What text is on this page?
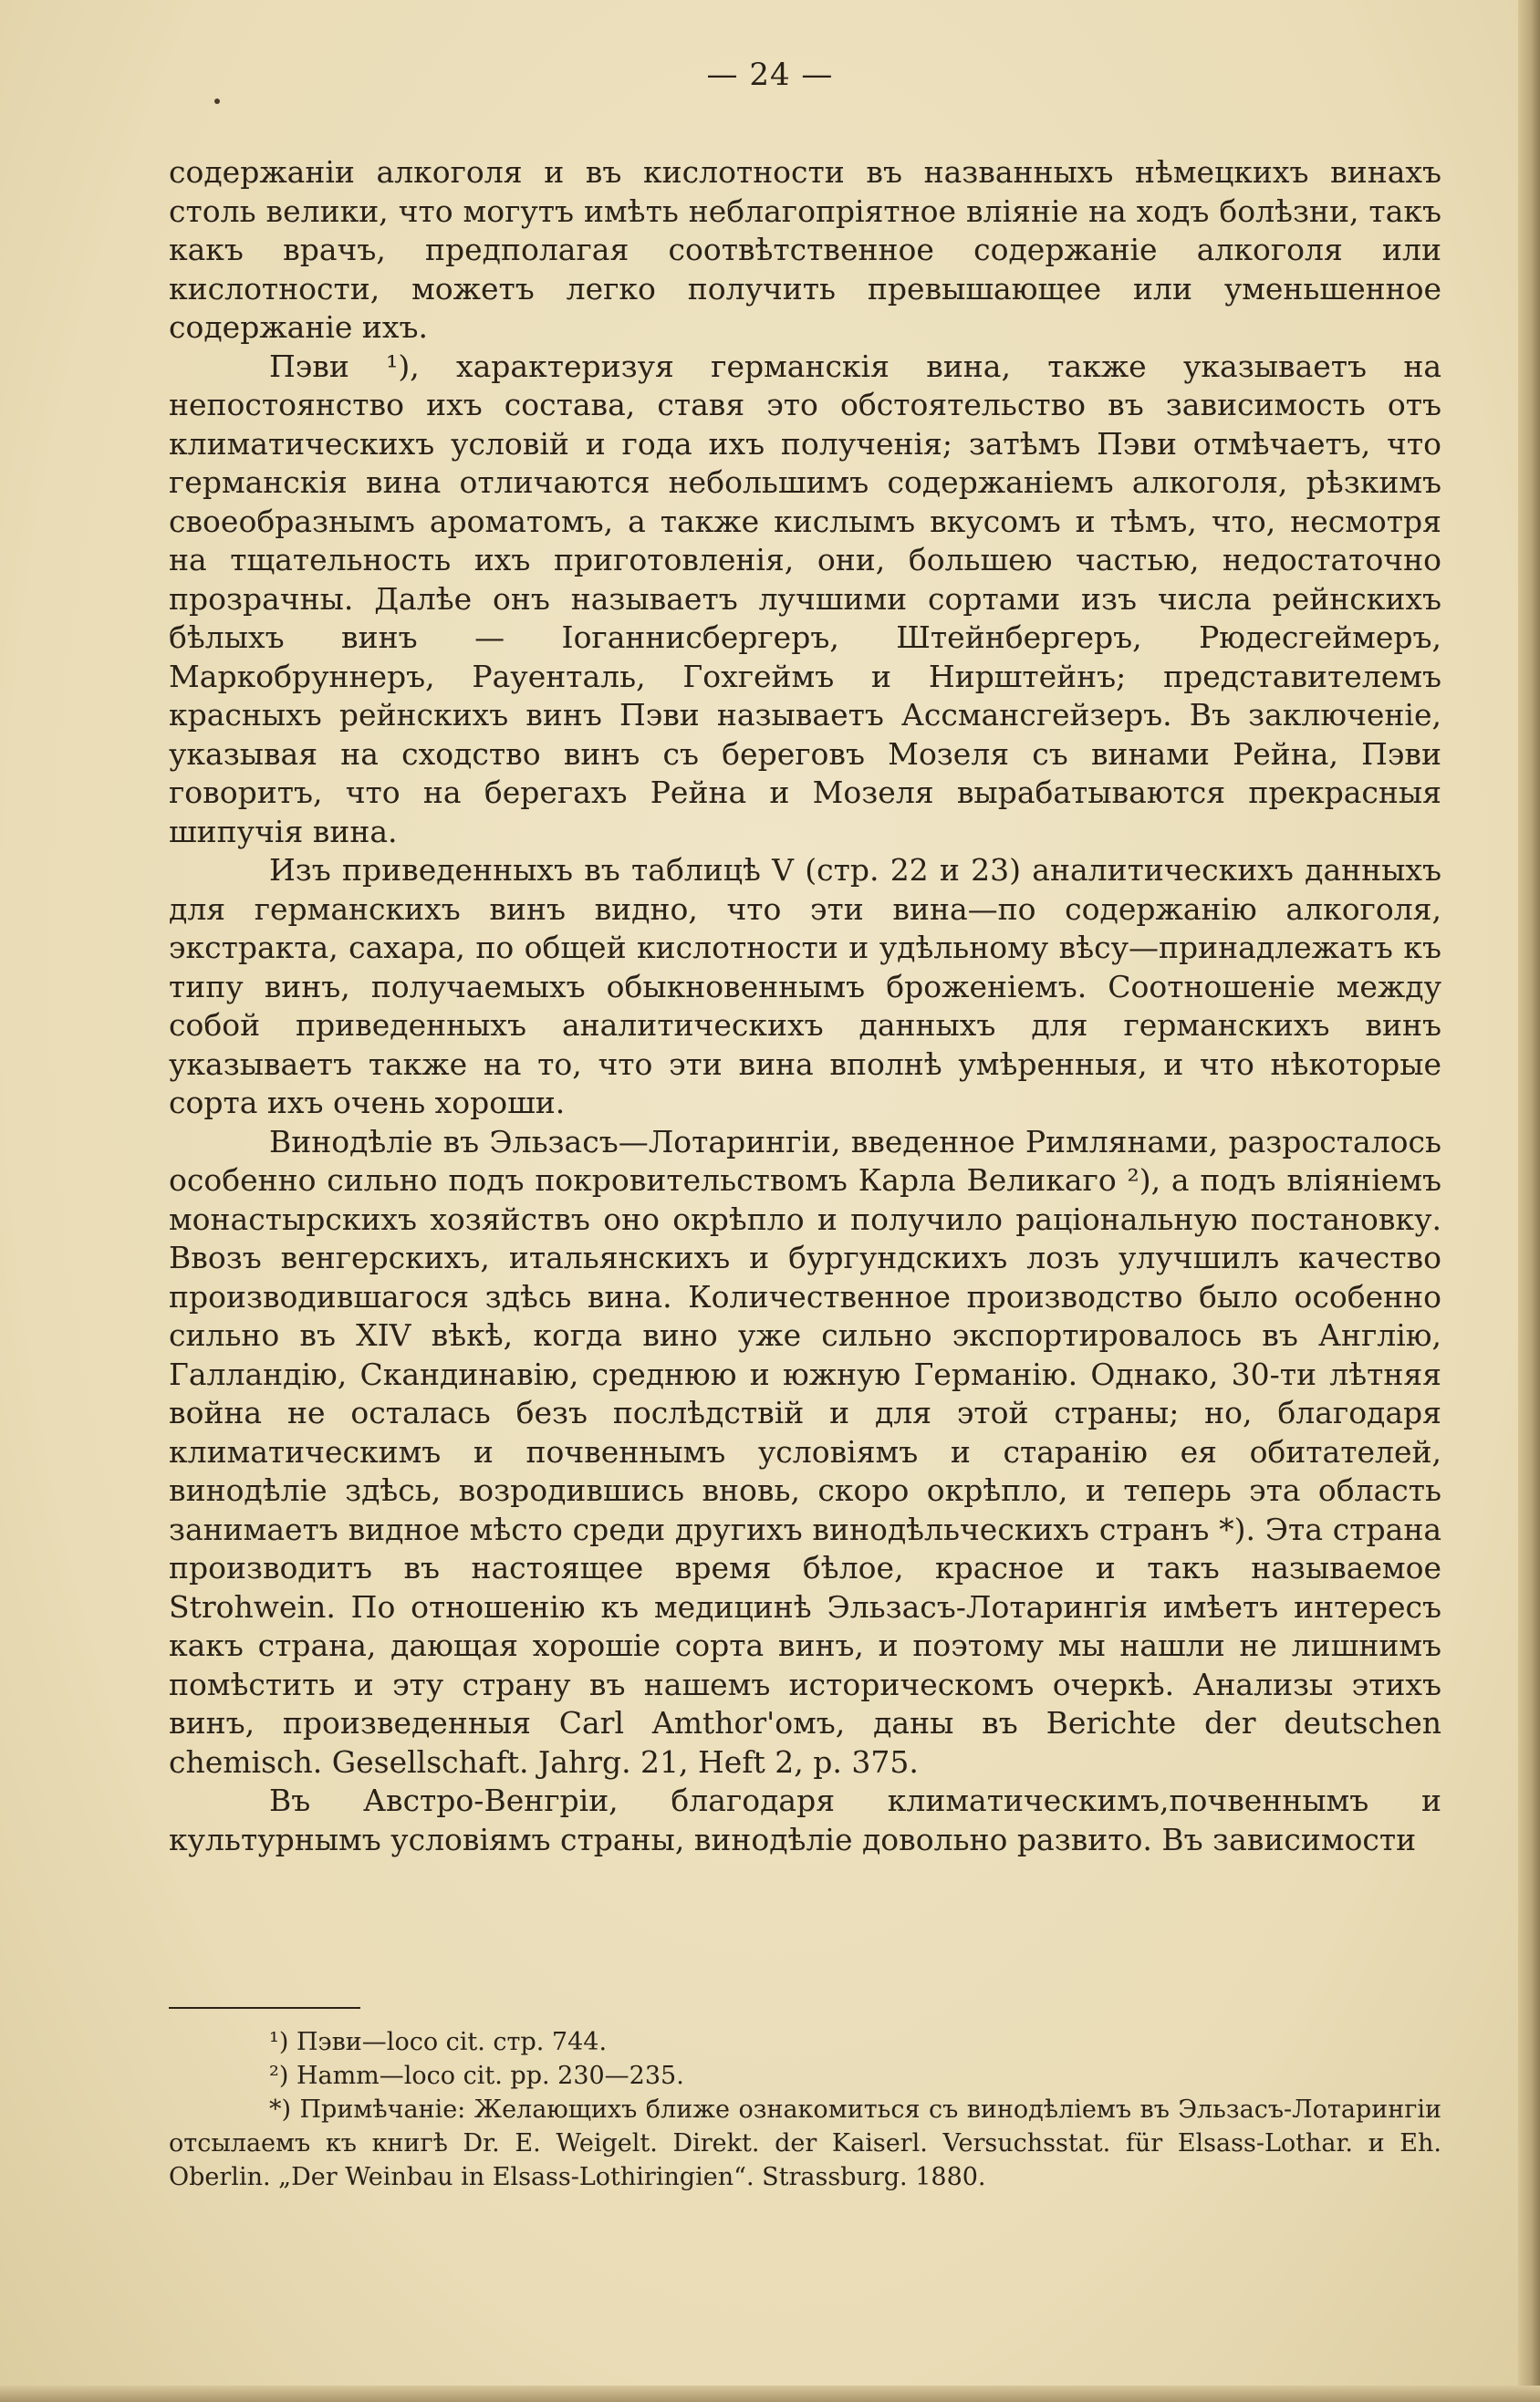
— 24 —

содержанiи алкоголя и въ кислотности въ названныхъ нѣмецкихъ винахъ столь велики, что могутъ имѣть неблагопрiятное влiянiе на ходъ болѣзни, такъ какъ врачъ, предполагая соотвѣтственное содержанiе алкоголя или кислотности, можетъ легко получить превышающее или уменьшенное содержанiе ихъ.

Пэви ¹), характеризуя германскiя вина, также указываетъ на непостоянство ихъ состава, ставя это обстоятельство въ зависимость отъ климатическихъ условiй и года ихъ полученiя; затѣмъ Пэви отмѣчаетъ, что германскiя вина отличаются небольшимъ содержанiемъ алкоголя, рѣзкимъ своеобразнымъ ароматомъ, а также кислымъ вкусомъ и тѣмъ, что, несмотря на тщательность ихъ приготовленiя, они, большею частью, недостаточно прозрачны. Далѣе онъ называетъ лучшими сортами изъ числа рейнскихъ бѣлыхъ винъ — Iоганнисбергеръ, Штейнбергеръ, Рюдесгеймеръ, Маркобруннеръ, Рауенталь, Гохгеймъ и Нирштейнъ; представителемъ красныхъ рейнскихъ винъ Пэви называетъ Ассмансгейзеръ. Въ заключенiе, указывая на сходство винъ съ береговъ Мозеля съ винами Рейна, Пэви говоритъ, что на берегахъ Рейна и Мозеля вырабатываются прекрасныя шипучiя вина.

Изъ приведенныхъ въ таблицѣ V (стр. 22 и 23) аналитическихъ данныхъ для германскихъ винъ видно, что эти вина—по содержанiю алкоголя, экстракта, сахара, по общей кислотности и удѣльному вѣсу—принадлежатъ къ типу винъ, получаемыхъ обыкновеннымъ броженiемъ. Соотношенiе между собой приведенныхъ аналитическихъ данныхъ для германскихъ винъ указываетъ также на то, что эти вина вполнѣ умѣренныя, и что нѣкоторые сорта ихъ очень хороши.

Винодѣлiе въ Эльзасъ—Лотарингiи, введенное Римлянами, разросталось особенно сильно подъ покровительствомъ Карла Великаго ²), а подъ влiянiемъ монастырскихъ хозяйствъ оно окрѣпло и получило рацiональную постановку. Ввозъ венгерскихъ, итальянскихъ и бургундскихъ лозъ улучшилъ качество производившагося здѣсь вина. Количественное производство было особенно сильно въ XIV вѣкѣ, когда вино уже сильно экспортировалось въ Англiю, Галландiю, Скандинавiю, среднюю и южную Германiю. Однако, 30-ти лѣтняя война не осталась безъ послѣдствiй и для этой страны; но, благодаря климатическимъ и почвеннымъ условiямъ и старанiю ея обитателей, винодѣлiе здѣсь, возродившись вновь, скоро окрѣпло, и теперь эта область занимаетъ видное мѣсто среди другихъ винодѣльческихъ странъ *). Эта страна производитъ въ настоящее время бѣлое, красное и такъ называемое Strohwein. По отношенiю къ медицинѣ Эльзасъ-Лотарингiя имѣетъ интересъ какъ страна, дающая хорошiе сорта винъ, и поэтому мы нашли не лишнимъ помѣстить и эту страну въ нашемъ историческомъ очеркѣ. Анализы этихъ винъ, произведенныя Carl Amthor'омъ, даны въ Berichte der deutschen chemisch. Gesellschaft. Jahrg. 21, Heft 2, p. 375.

Въ Австро-Венгрiи, благодаря климатическимъ,почвеннымъ и культурнымъ условiямъ страны, винодѣлiе довольно развито. Въ зависимости

¹) Пэви—loco cit. стр. 744.

²) Hamm—loco cit. pp. 230—235.

*) Примѣчанiе: Желающихъ ближе ознакомиться съ винодѣлiемъ въ Эльзасъ-Лотарингiи отсылаемъ къ книгѣ Dr. E. Weigelt. Direkt. der Kaiserl. Versuchsstat. für Elsass-Lothar. и Eh. Oberlin. „Der Weinbau in Elsass-Lothiringien“. Strassburg. 1880.
